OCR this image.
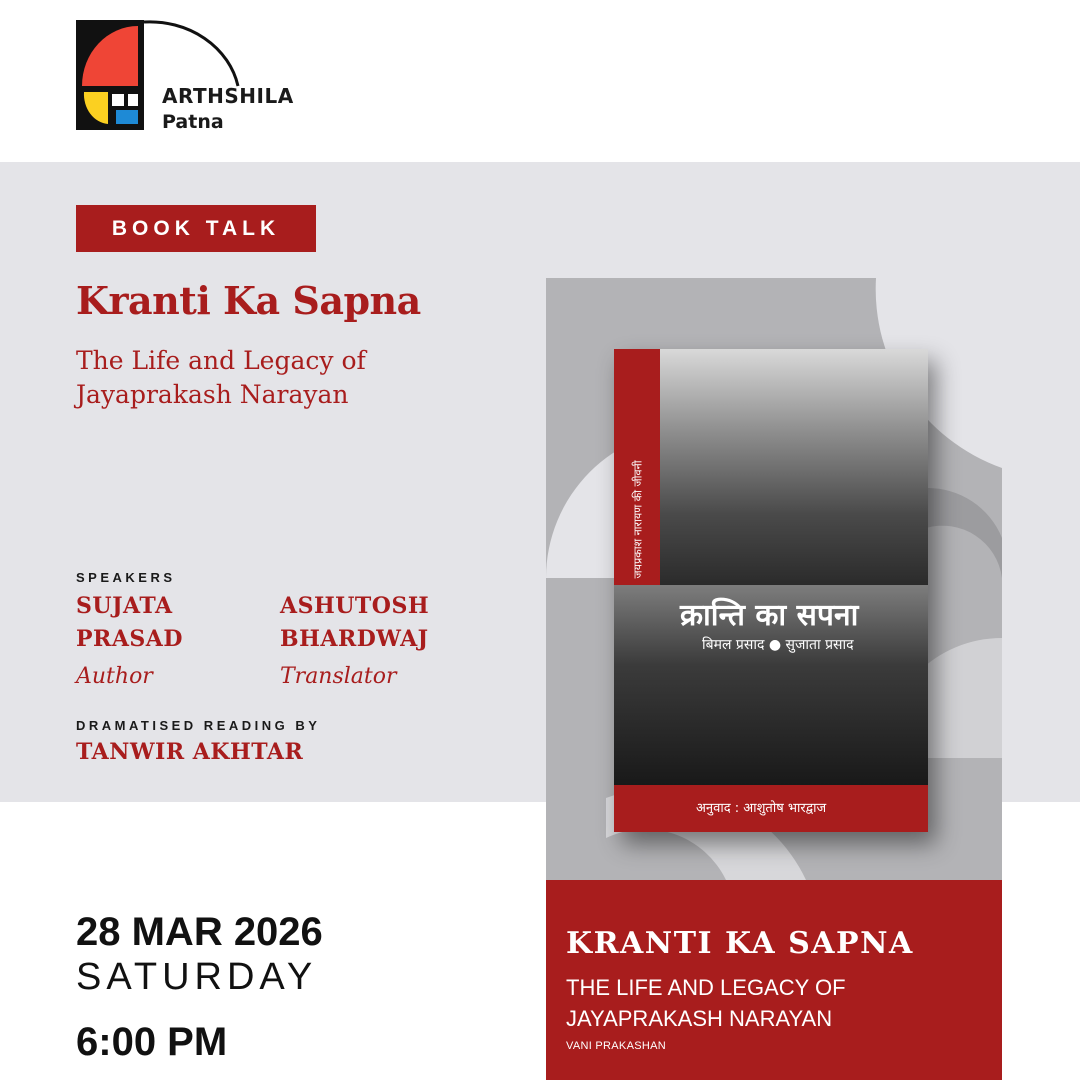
ARTHSHILA
Patna
BOOK TALK
Kranti Ka Sapna
The Life and Legacy of Jayaprakash Narayan
SPEAKERS
SUJATA PRASAD
Author
ASHUTOSH BHARDWAJ
Translator
DRAMATISED READING BY
TANWIR AKHTAR
28 MAR 2026
SATURDAY
6:00 PM
क्रान्ति का सपना
बिमल प्रसाद ● सुजाता प्रसाद
अनुवाद : आशुतोष भारद्वाज
जयप्रकाश नारायण की जीवनी
KRANTI KA SAPNA
THE LIFE AND LEGACY OF JAYAPRAKASH NARAYAN
VANI PRAKASHAN
